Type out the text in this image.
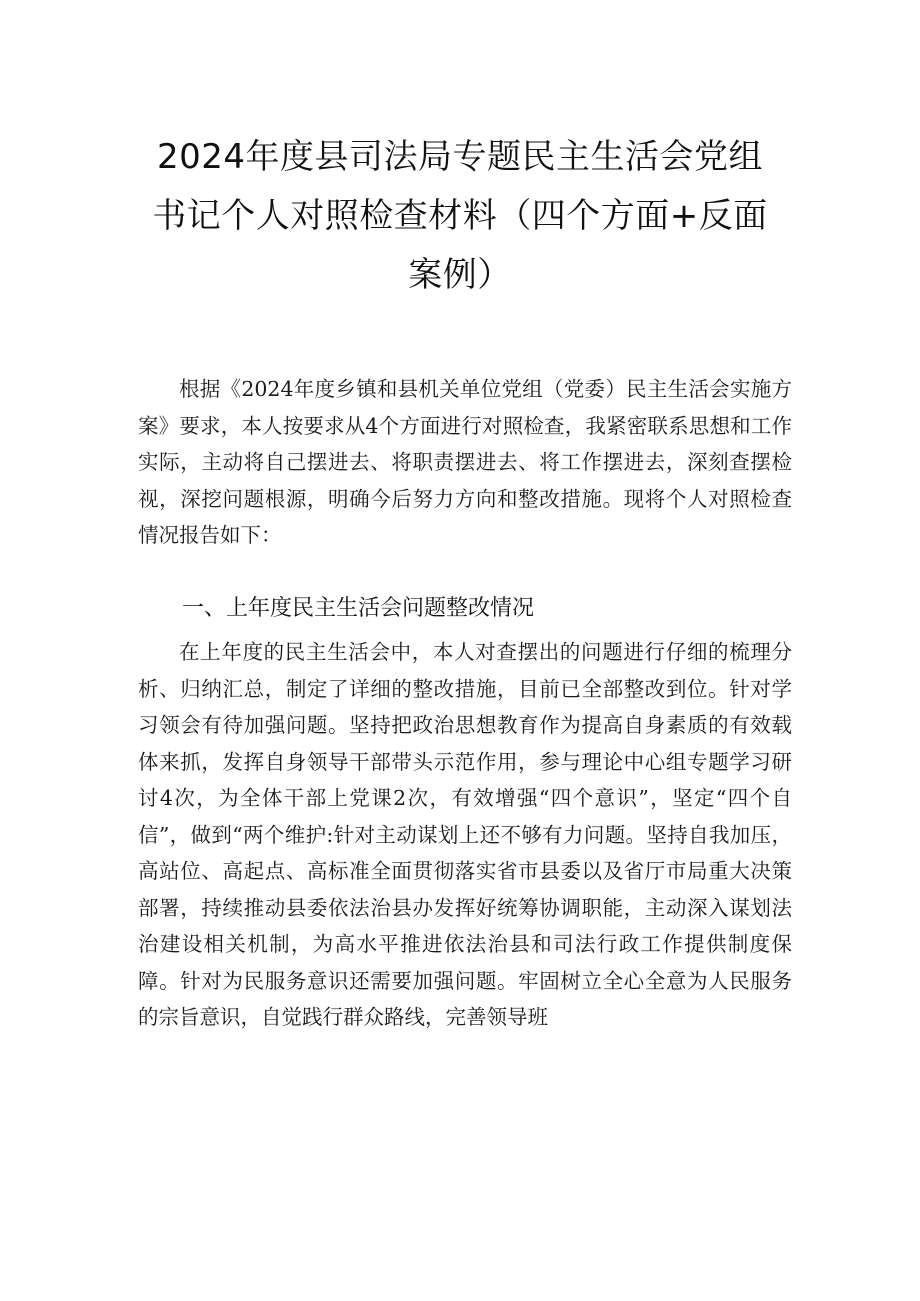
2024年度县司法局专题民主生活会党组书记个人对照检查材料（四个方面+反面案例）

根据《2024年度乡镇和县机关单位党组（党委）民主生活会实施方案》要求，本人按要求从4个方面进行对照检查，我紧密联系思想和工作实际，主动将自己摆进去、将职责摆进去、将工作摆进去，深刻查摆检视，深挖问题根源，明确今后努力方向和整改措施。现将个人对照检查情况报告如下：

一、上年度民主生活会问题整改情况

在上年度的民主生活会中，本人对查摆出的问题进行仔细的梳理分析、归纳汇总，制定了详细的整改措施，目前已全部整改到位。针对学习领会有待加强问题。坚持把政治思想教育作为提高自身素质的有效载体来抓，发挥自身领导干部带头示范作用，参与理论中心组专题学习研讨4次，为全体干部上党课2次，有效增强“四个意识”，坚定“四个自信”，做到“两个维护:针对主动谋划上还不够有力问题。坚持自我加压，高站位、高起点、高标准全面贯彻落实省市县委以及省厅市局重大决策部署，持续推动县委依法治县办发挥好统筹协调职能，主动深入谋划法治建设相关机制，为高水平推进依法治县和司法行政工作提供制度保障。针对为民服务意识还需要加强问题。牢固树立全心全意为人民服务的宗旨意识，自觉践行群众路线，完善领导班
